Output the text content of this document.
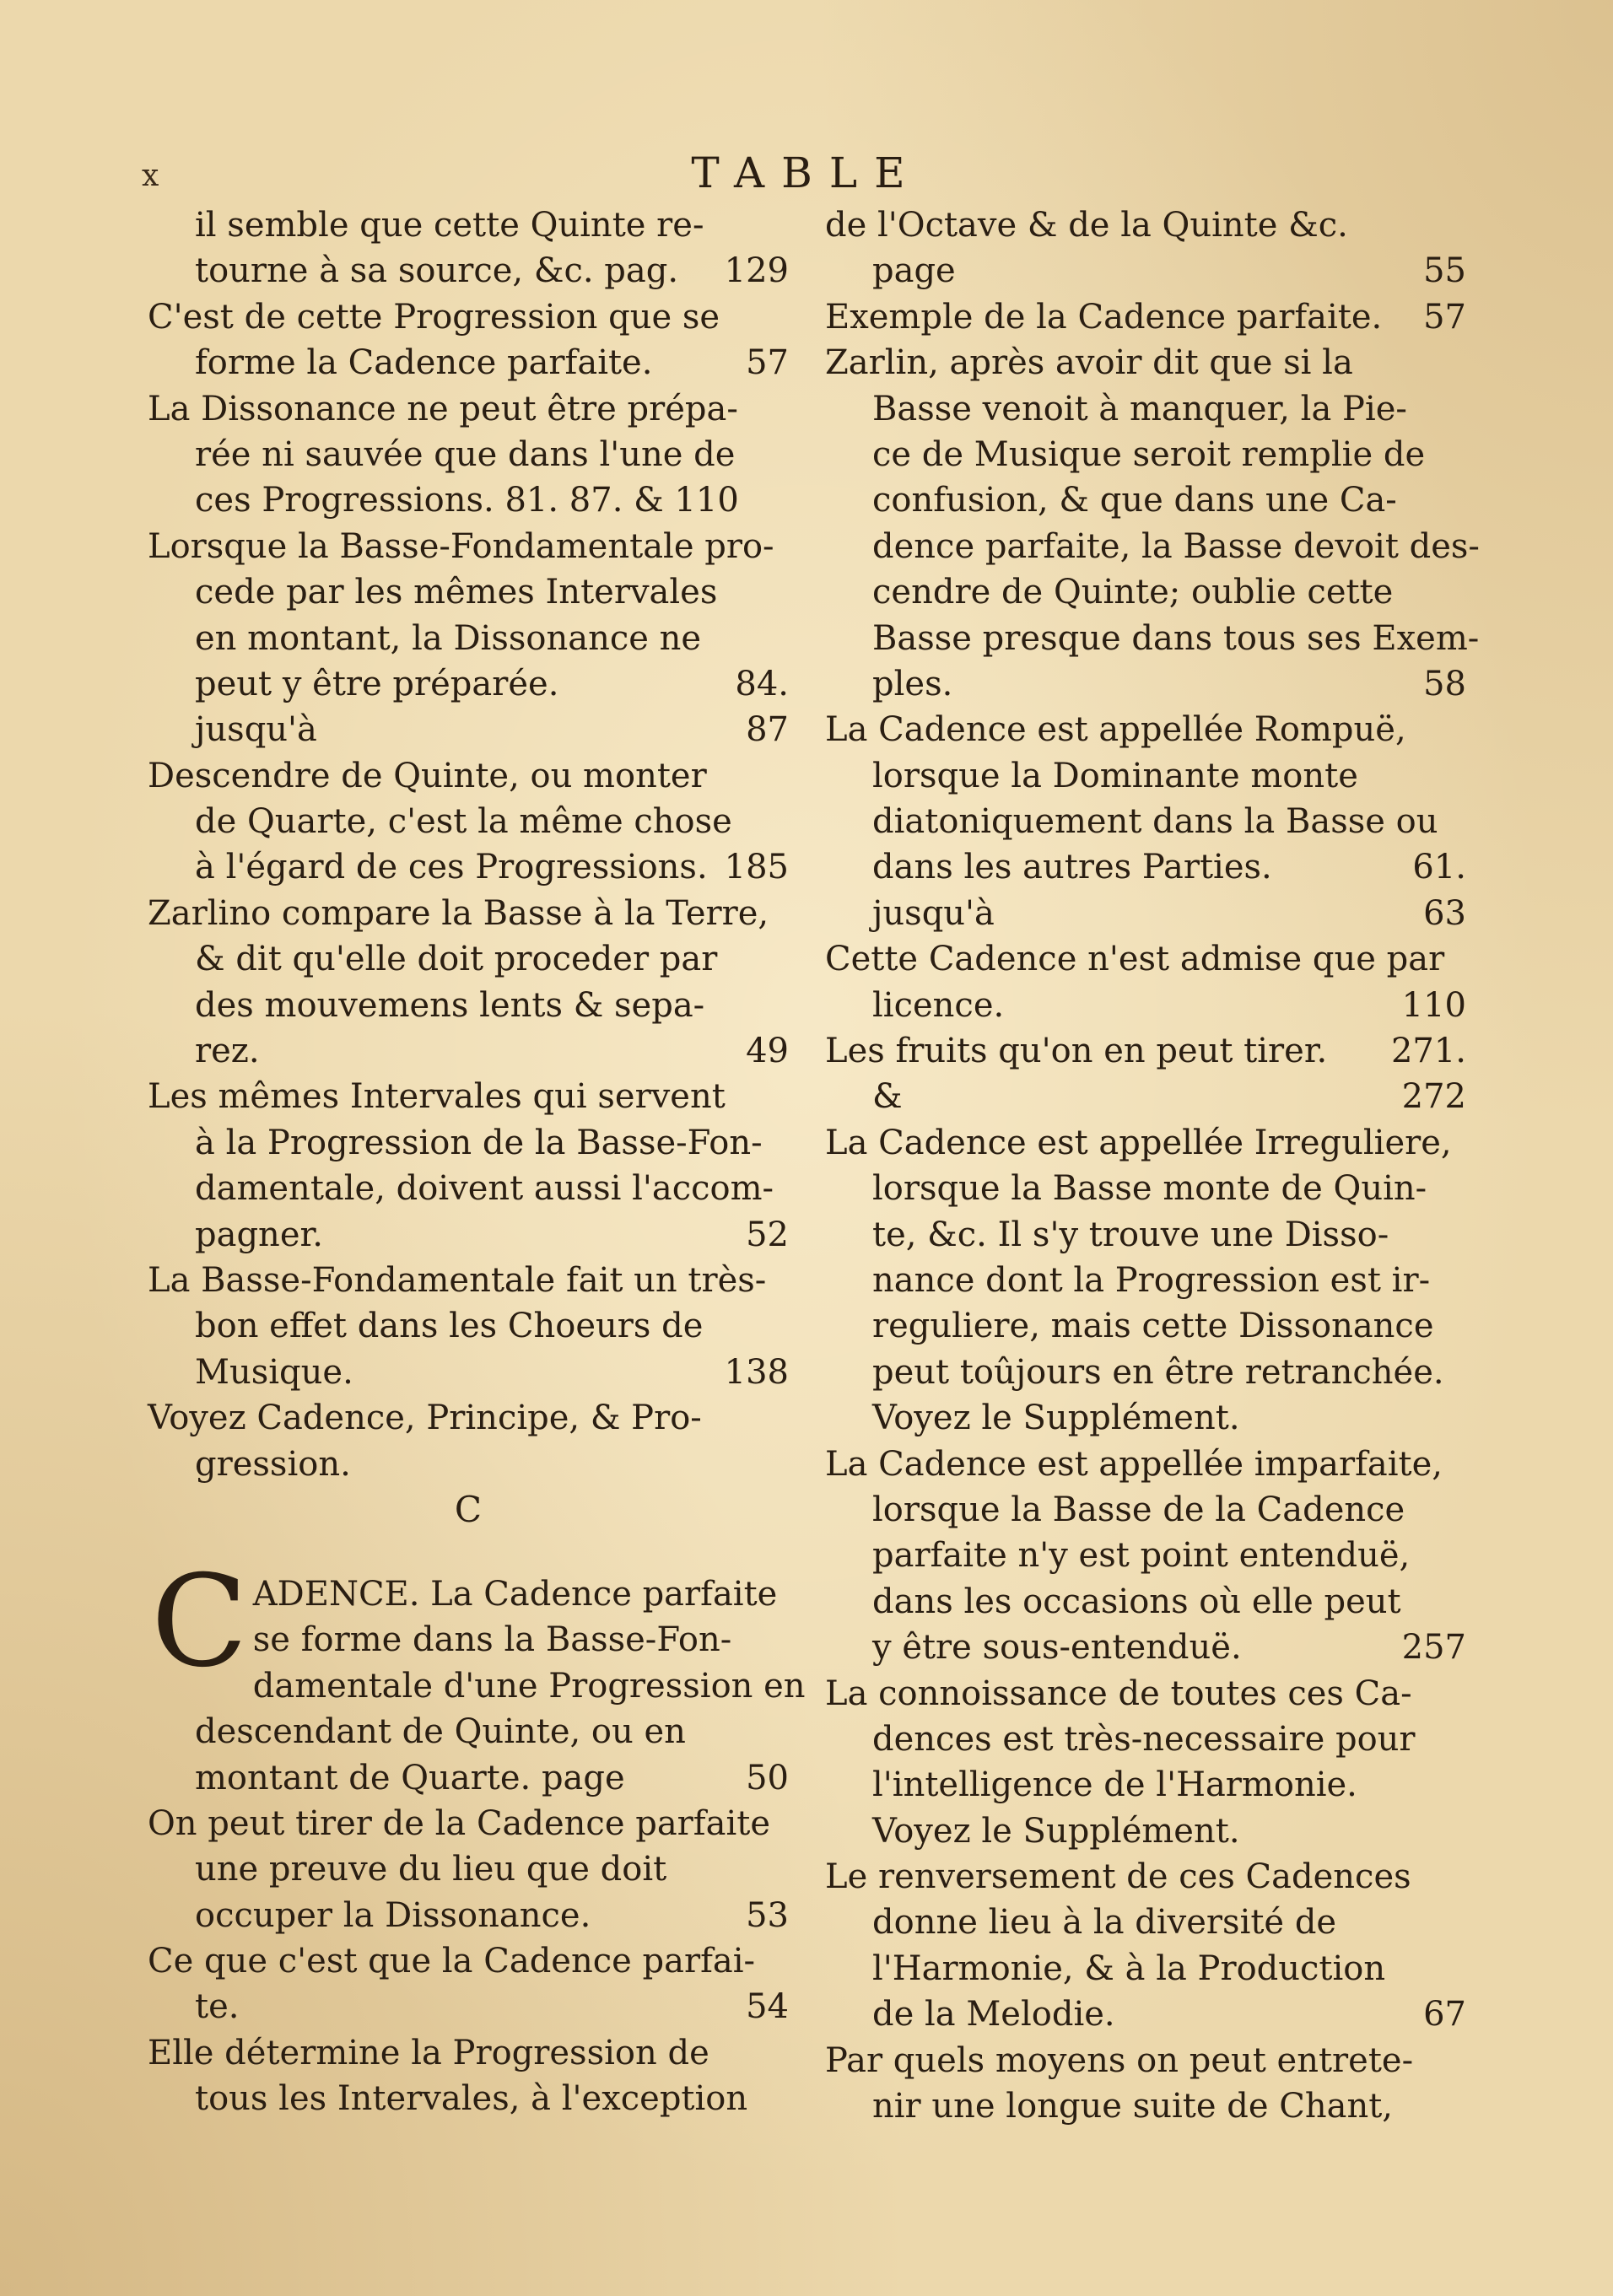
x	TABLE
il semble que cette Quinte re-
tourne à sa source, &c. pag. 129
C'est de cette Progression que se
forme la Cadence parfaite.	57
La Dissonance ne peut être prépa-
rée ni sauvée que dans l'une de
ces Progressions. 81. 87. & 110
Lorsque la Basse-Fondamentale pro-
cede par les mêmes Intervales
en montant, la Dissonance ne
peut y être préparée.	84.
jusqu'à	87
Descendre de Quinte, ou monter
de Quarte, c'est la même chose
à l'égard de ces Progressions. 185
Zarlino compare la Basse à la Terre,
& dit qu'elle doit proceder par
des mouvemens lents & sepa-
rez.	49
Les mêmes Intervales qui servent
à la Progression de la Basse-Fon-
damentale, doivent aussi l'accom-
pagner.	52
La Basse-Fondamentale fait un très-
bon effet dans les Choeurs de
Musique.	138
Voyez Cadence, Principe, & Pro-
gression.
C
C ADENCE. La Cadence parfaite
se forme dans la Basse-Fon-
damentale d'une Progression en
descendant de Quinte, ou en
montant de Quarte. page	50
On peut tirer de la Cadence parfaite
une preuve du lieu que doit
occuper la Dissonance.	53
Ce que c'est que la Cadence parfai-
te.	54
Elle détermine la Progression de
tous les Intervales, à l'exception
de l'Octave & de la Quinte &c.
page	55
Exemple de la Cadence parfaite. 57
Zarlin, après avoir dit que si la
Basse venoit à manquer, la Pie-
ce de Musique seroit remplie de
confusion, & que dans une Ca-
dence parfaite, la Basse devoit des-
cendre de Quinte; oublie cette
Basse presque dans tous ses Exem-
ples.	58
La Cadence est appellée Rompuë,
lorsque la Dominante monte
diatoniquement dans la Basse ou
dans les autres Parties.	61.
jusqu'à	63
Cette Cadence n'est admise que par
licence.	110
Les fruits qu'on en peut tirer. 271.
&	272
La Cadence est appellée Irreguliere,
lorsque la Basse monte de Quin-
te, &c. Il s'y trouve une Disso-
nance dont la Progression est ir-
reguliere, mais cette Dissonance
peut toûjours en être retranchée.
Voyez le Supplément.
La Cadence est appellée imparfaite,
lorsque la Basse de la Cadence
parfaite n'y est point entenduë,
dans les occasions où elle peut
y être sous-entenduë.	257
La connoissance de toutes ces Ca-
dences est très-necessaire pour
l'intelligence de l'Harmonie.
Voyez le Supplément.
Le renversement de ces Cadences
donne lieu à la diversité de
l'Harmonie, & à la Production
de la Melodie.	67
Par quels moyens on peut entrete-
nir une longue suite de Chant,
